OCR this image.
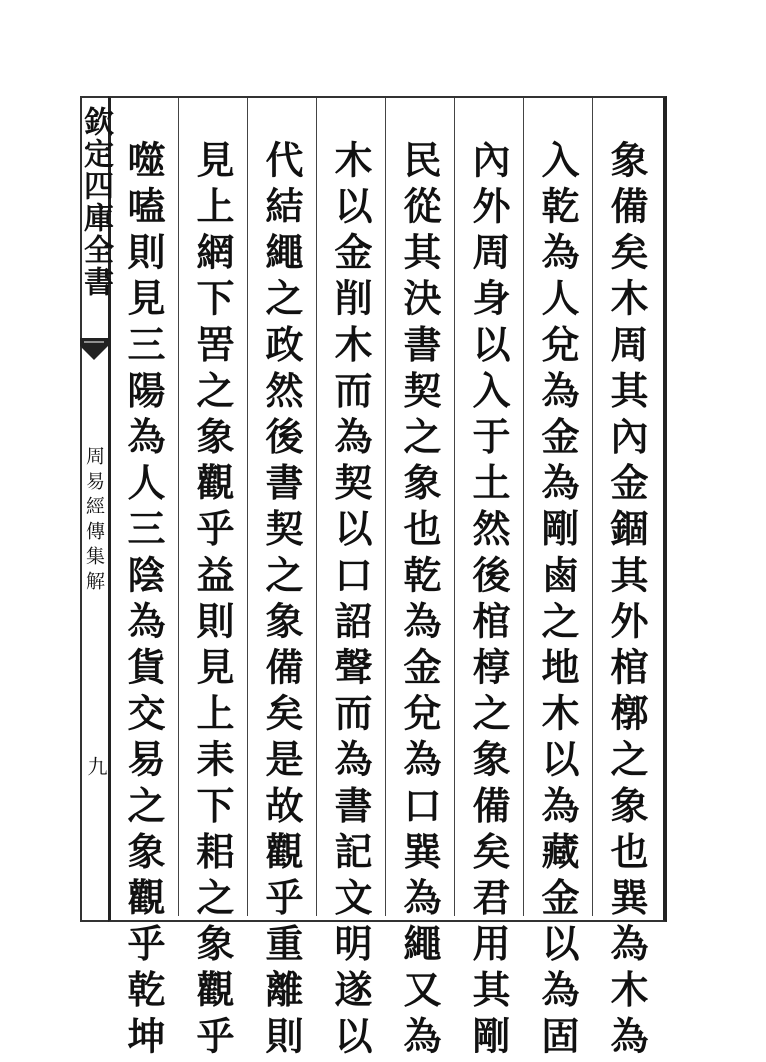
欽定四庫全書
周易經傳集解
九	象備矣木周其內金錮其外棺槨之象也巽為木為
入乾為人兌為金為剛鹵之地木以為藏金以為固
內外周身以入于土然後棺椁之象備矣君用其剛
民從其決書契之象也乾為金兌為口巽為繩又為
木以金削木而為契以口詔聲而為書記文明遂以
代結繩之政然後書契之象備矣是故觀乎重離則
見上網下罟之象觀乎益則見上耒下耜之象觀乎
噬嗑則見三陽為人三陰為貨交易之象觀乎乾坤
